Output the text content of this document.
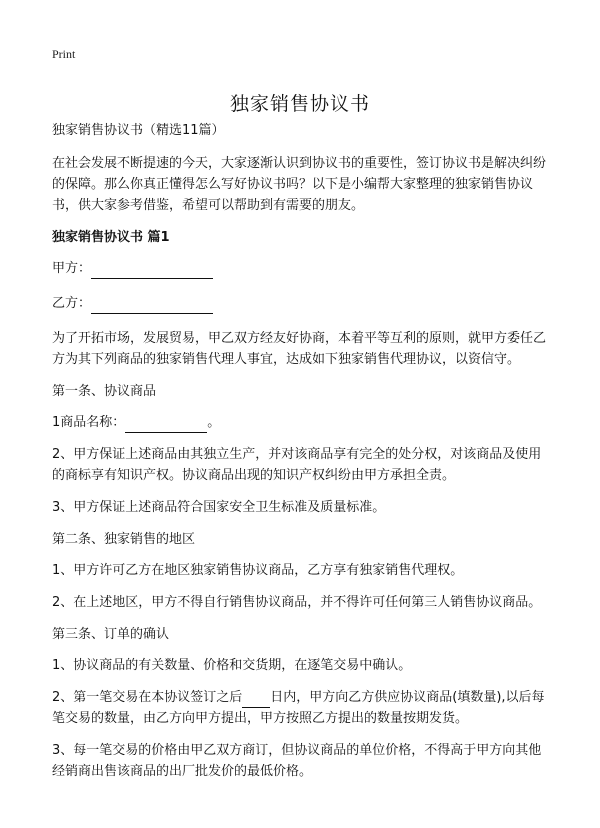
Print
独家销售协议书

独家销售协议书（精选11篇）

在社会发展不断提速的今天，大家逐渐认识到协议书的重要性，签订协议书是解决纠纷的保障。那么你真正懂得怎么写好协议书吗？以下是小编帮大家整理的独家销售协议书，供大家参考借鉴，希望可以帮助到有需要的朋友。

独家销售协议书 篇1

甲方：

乙方：

为了开拓市场，发展贸易，甲乙双方经友好协商，本着平等互利的原则，就甲方委任乙方为其下列商品的独家销售代理人事宜，达成如下独家销售代理协议，以资信守。

第一条、协议商品

1商品名称：	。

2、甲方保证上述商品由其独立生产，并对该商品享有完全的处分权，对该商品及使用的商标享有知识产权。协议商品出现的知识产权纠纷由甲方承担全责。

3、甲方保证上述商品符合国家安全卫生标准及质量标准。

第二条、独家销售的地区

1、甲方许可乙方在地区独家销售协议商品，乙方享有独家销售代理权。

2、在上述地区，甲方不得自行销售协议商品，并不得许可任何第三人销售协议商品。

第三条、订单的确认

1、协议商品的有关数量、价格和交货期，在逐笔交易中确认。

2、第一笔交易在本协议签订之后 日内，甲方向乙方供应协议商品(填数量),以后每笔交易的数量，由乙方向甲方提出，甲方按照乙方提出的数量按期发货。

3、每一笔交易的价格由甲乙双方商订，但协议商品的单位价格，不得高于甲方向其他经销商出售该商品的出厂批发价的最低价格。
